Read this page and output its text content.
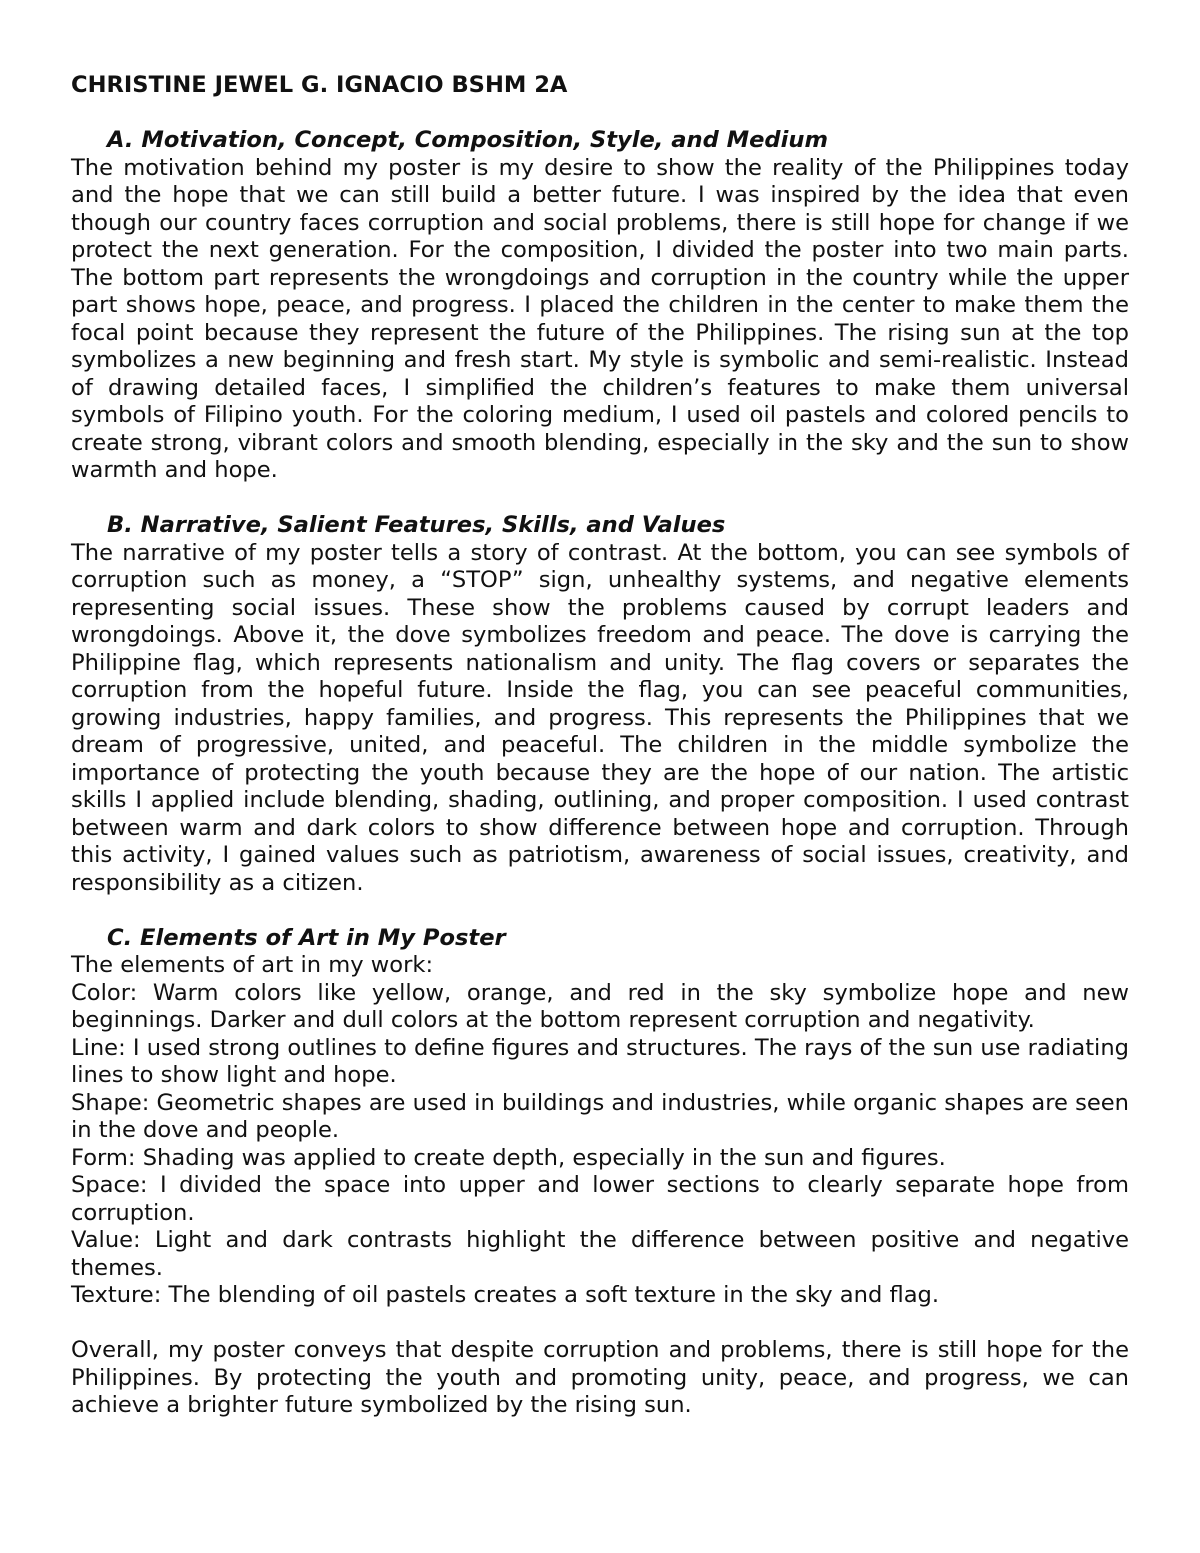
CHRISTINE JEWEL G. IGNACIO BSHM 2A

A. Motivation, Concept, Composition, Style, and Medium

The motivation behind my poster is my desire to show the reality of the Philippines today and the hope that we can still build a better future. I was inspired by the idea that even though our country faces corruption and social problems, there is still hope for change if we protect the next generation. For the composition, I divided the poster into two main parts. The bottom part represents the wrongdoings and corruption in the country while the upper part shows hope, peace, and progress. I placed the children in the center to make them the focal point because they represent the future of the Philippines. The rising sun at the top symbolizes a new beginning and fresh start. My style is symbolic and semi-realistic. Instead of drawing detailed faces, I simplified the children’s features to make them universal symbols of Filipino youth. For the coloring medium, I used oil pastels and colored pencils to create strong, vibrant colors and smooth blending, especially in the sky and the sun to show warmth and hope.

B. Narrative, Salient Features, Skills, and Values

The narrative of my poster tells a story of contrast. At the bottom, you can see symbols of corruption such as money, a “STOP” sign, unhealthy systems, and negative elements representing social issues. These show the problems caused by corrupt leaders and wrongdoings. Above it, the dove symbolizes freedom and peace. The dove is carrying the Philippine flag, which represents nationalism and unity. The flag covers or separates the corruption from the hopeful future. Inside the flag, you can see peaceful communities, growing industries, happy families, and progress. This represents the Philippines that we dream of progressive, united, and peaceful. The children in the middle symbolize the importance of protecting the youth because they are the hope of our nation. The artistic skills I applied include blending, shading, outlining, and proper composition. I used contrast between warm and dark colors to show difference between hope and corruption. Through this activity, I gained values such as patriotism, awareness of social issues, creativity, and responsibility as a citizen.

C. Elements of Art in My Poster

The elements of art in my work:

Color: Warm colors like yellow, orange, and red in the sky symbolize hope and new beginnings. Darker and dull colors at the bottom represent corruption and negativity.

Line: I used strong outlines to define figures and structures. The rays of the sun use radiating lines to show light and hope.

Shape: Geometric shapes are used in buildings and industries, while organic shapes are seen in the dove and people.

Form: Shading was applied to create depth, especially in the sun and figures.

Space: I divided the space into upper and lower sections to clearly separate hope from corruption.

Value: Light and dark contrasts highlight the difference between positive and negative themes.

Texture: The blending of oil pastels creates a soft texture in the sky and flag.

Overall, my poster conveys that despite corruption and problems, there is still hope for the Philippines. By protecting the youth and promoting unity, peace, and progress, we can achieve a brighter future symbolized by the rising sun.
